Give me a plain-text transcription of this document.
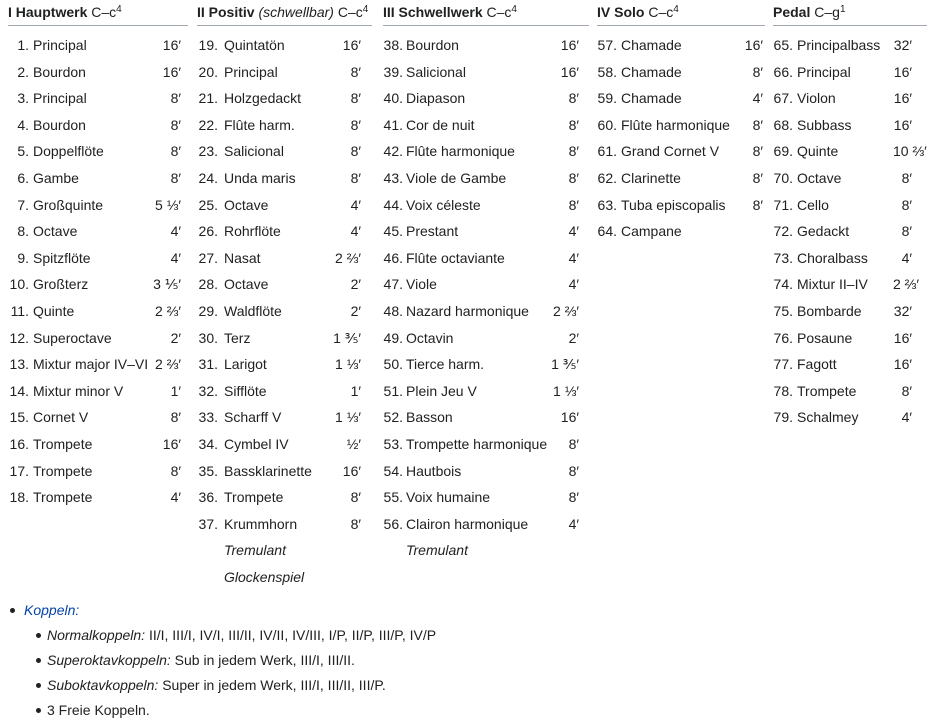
I Hauptwerk $C-c^4$
1. Principal	16′
2. Bourdon	16′
3. Principal	8′
4. Bourdon	8′
5. Doppelflöte	8′
6. Gambe	8′
7. Großquinte	5 ⅓′
8. Octave	4′
9. Spitzflöte	4′
10. Großterz	3 ⅕′
11. Quinte	2 ⅔′
12. Superoctave	2′
13. Mixtur major IV–VI 2 ⅔′
14. Mixtur minor V	1′
15. Cornet V	8′
16. Trompete	16′
17. Trompete	8′
18. Trompete	4′
II Positiv (schwellbar) $C-c^4$
19. Quintatön	16′
20. Principal	8′
21. Holzgedackt	8′
22. Flûte harm.	8′
23. Salicional	8′
24. Unda maris	8′
25. Octave	4′
26. Rohrflöte	4′
27. Nasat	2 ⅔′
28. Octave	2′
29. Waldflöte	2′
30. Terz	1 ⅗′
31. Larigot	1 ⅓′
32. Sifflöte	1′
33. Scharff V	1 ⅓′
34. Cymbel IV	½′
35. Bassklarinette	16′
36. Trompete	8′
37. Krummhorn	8′
Tremulant
Glockenspiel
III Schwellwerk $C-c^4$
38. Bourdon	16′
39. Salicional	16′
40. Diapason	8′
41. Cor de nuit	8′
42. Flûte harmonique	8′
43. Viole de Gambe	8′
44. Voix céleste	8′
45. Prestant	4′
46. Flûte octaviante	4′
47. Viole	4′
48. Nazard harmonique	2 ⅔′
49. Octavin	2′
50. Tierce harm.	1 ⅗′
51. Plein Jeu V	1 ⅓′
52. Basson	16′
53. Trompette harmonique	8′
54. Hautbois	8′
55. Voix humaine	8′
56. Clairon harmonique	4′
Tremulant
IV Solo $C-c^4$
57. Chamade	16′
58. Chamade	8′
59. Chamade	4′
60. Flûte harmonique	8′
61. Grand Cornet V	8′
62. Clarinette	8′
63. Tuba episcopalis	8′
64. Campane
Pedal $C-g^1$
65. Principalbass 32′
66. Principal	16′
67. Violon	16′
68. Subbass	16′
69. Quinte	10 ⅔′
70. Octave	8′
71. Cello	8′
72. Gedackt	8′
73. Choralbass	4′
74. Mixtur II–IV	2 ⅔′
75. Bombarde	32′
76. Posaune	16′
77. Fagott	16′
78. Trompete	8′
79. Schalmey	4′
Koppeln:
Normalkoppeln: II/I, III/I, IV/I, III/II, IV/II, IV/III, I/P, II/P, III/P, IV/P
Superoktavkoppeln: Sub in jedem Werk, III/I, III/II.
Suboktavkoppeln: Super in jedem Werk, III/I, III/II, III/P.
3 Freie Koppeln.
